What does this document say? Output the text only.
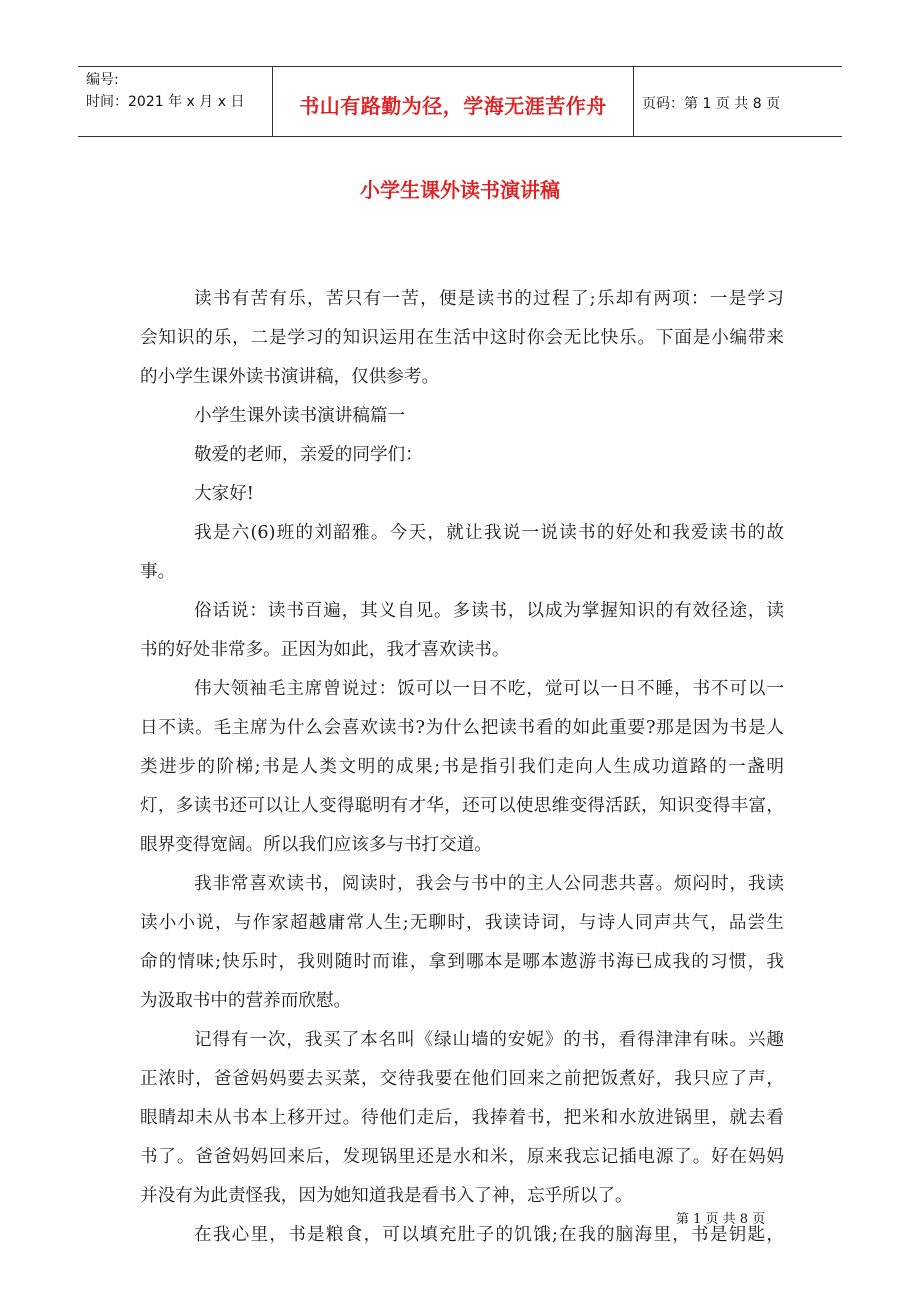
编号:
时间：2021 年 x 月 x 日	书山有路勤为径，学海无涯苦作舟	页码：第 1 页 共 8 页
小学生课外读书演讲稿
读书有苦有乐，苦只有一苦，便是读书的过程了;乐却有两项：一是学习
会知识的乐，二是学习的知识运用在生活中这时你会无比快乐。下面是小编带来
的小学生课外读书演讲稿，仅供参考。
小学生课外读书演讲稿篇一
敬爱的老师，亲爱的同学们：
大家好!
我是六(6)班的刘韶雅。今天，就让我说一说读书的好处和我爱读书的故
事。
俗话说：读书百遍，其义自见。多读书，以成为掌握知识的有效径途，读
书的好处非常多。正因为如此，我才喜欢读书。
伟大领袖毛主席曾说过：饭可以一日不吃，觉可以一日不睡，书不可以一
日不读。毛主席为什么会喜欢读书?为什么把读书看的如此重要?那是因为书是人
类进步的阶梯;书是人类文明的成果;书是指引我们走向人生成功道路的一盏明
灯，多读书还可以让人变得聪明有才华，还可以使思维变得活跃，知识变得丰富，
眼界变得宽阔。所以我们应该多与书打交道。
我非常喜欢读书，阅读时，我会与书中的主人公同悲共喜。烦闷时，我读
读小小说，与作家超越庸常人生;无聊时，我读诗词，与诗人同声共气，品尝生
命的情味;快乐时，我则随时而谁，拿到哪本是哪本遨游书海已成我的习惯，我
为汲取书中的营养而欣慰。
记得有一次，我买了本名叫《绿山墙的安妮》的书，看得津津有味。兴趣
正浓时，爸爸妈妈要去买菜，交待我要在他们回来之前把饭煮好，我只应了声，
眼睛却未从书本上移开过。待他们走后，我捧着书，把米和水放进锅里，就去看
书了。爸爸妈妈回来后，发现锅里还是水和米，原来我忘记插电源了。好在妈妈
并没有为此责怪我，因为她知道我是看书入了神，忘乎所以了。
在我心里，书是粮食，可以填充肚子的饥饿;在我的脑海里，书是钥匙，
第 1 页 共 8 页
